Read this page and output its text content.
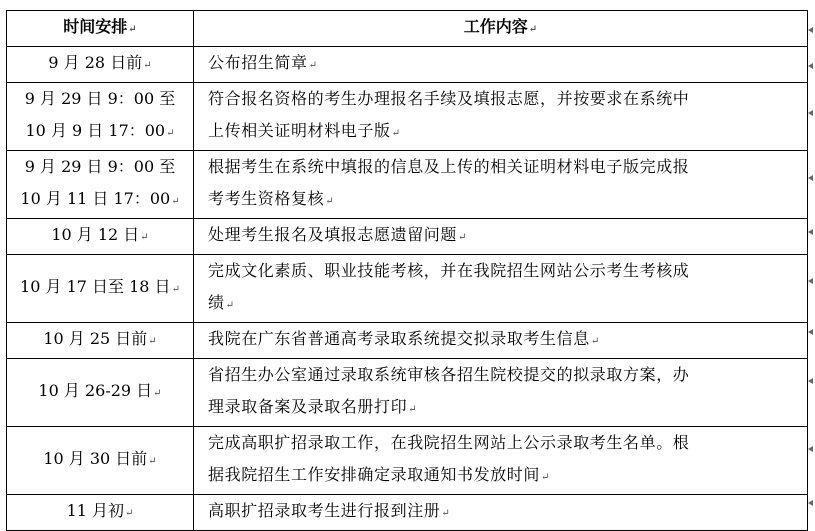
时间安排↵	工作内容↵
9 月 28 日前↵	公布招生简章↵

9 月 29 日 9：00 至
10 月 9 日 17：00↵	符合报名资格的考生办理报名手续及填报志愿，并按要求在系统中
上传相关证明材料电子版↵

9 月 29 日 9：00 至
10 月 11 日 17：00↵	根据考生在系统中填报的信息及上传的相关证明材料电子版完成报
考考生资格复核↵

10 月 12 日↵	处理考生报名及填报志愿遗留问题↵
10 月 17 日至 18 日↵	完成文化素质、职业技能考核，并在我院招生网站公示考生考核成
绩↵

10 月 25 日前↵	我院在广东省普通高考录取系统提交拟录取考生信息↵
10 月 26-29 日↵	省招生办公室通过录取系统审核各招生院校提交的拟录取方案，办
理录取备案及录取名册打印↵

10 月 30 日前↵	完成高职扩招录取工作，在我院招生网站上公示录取考生名单。根
据我院招生工作安排确定录取通知书发放时间↵

11 月初↵	高职扩招录取考生进行报到注册↵
